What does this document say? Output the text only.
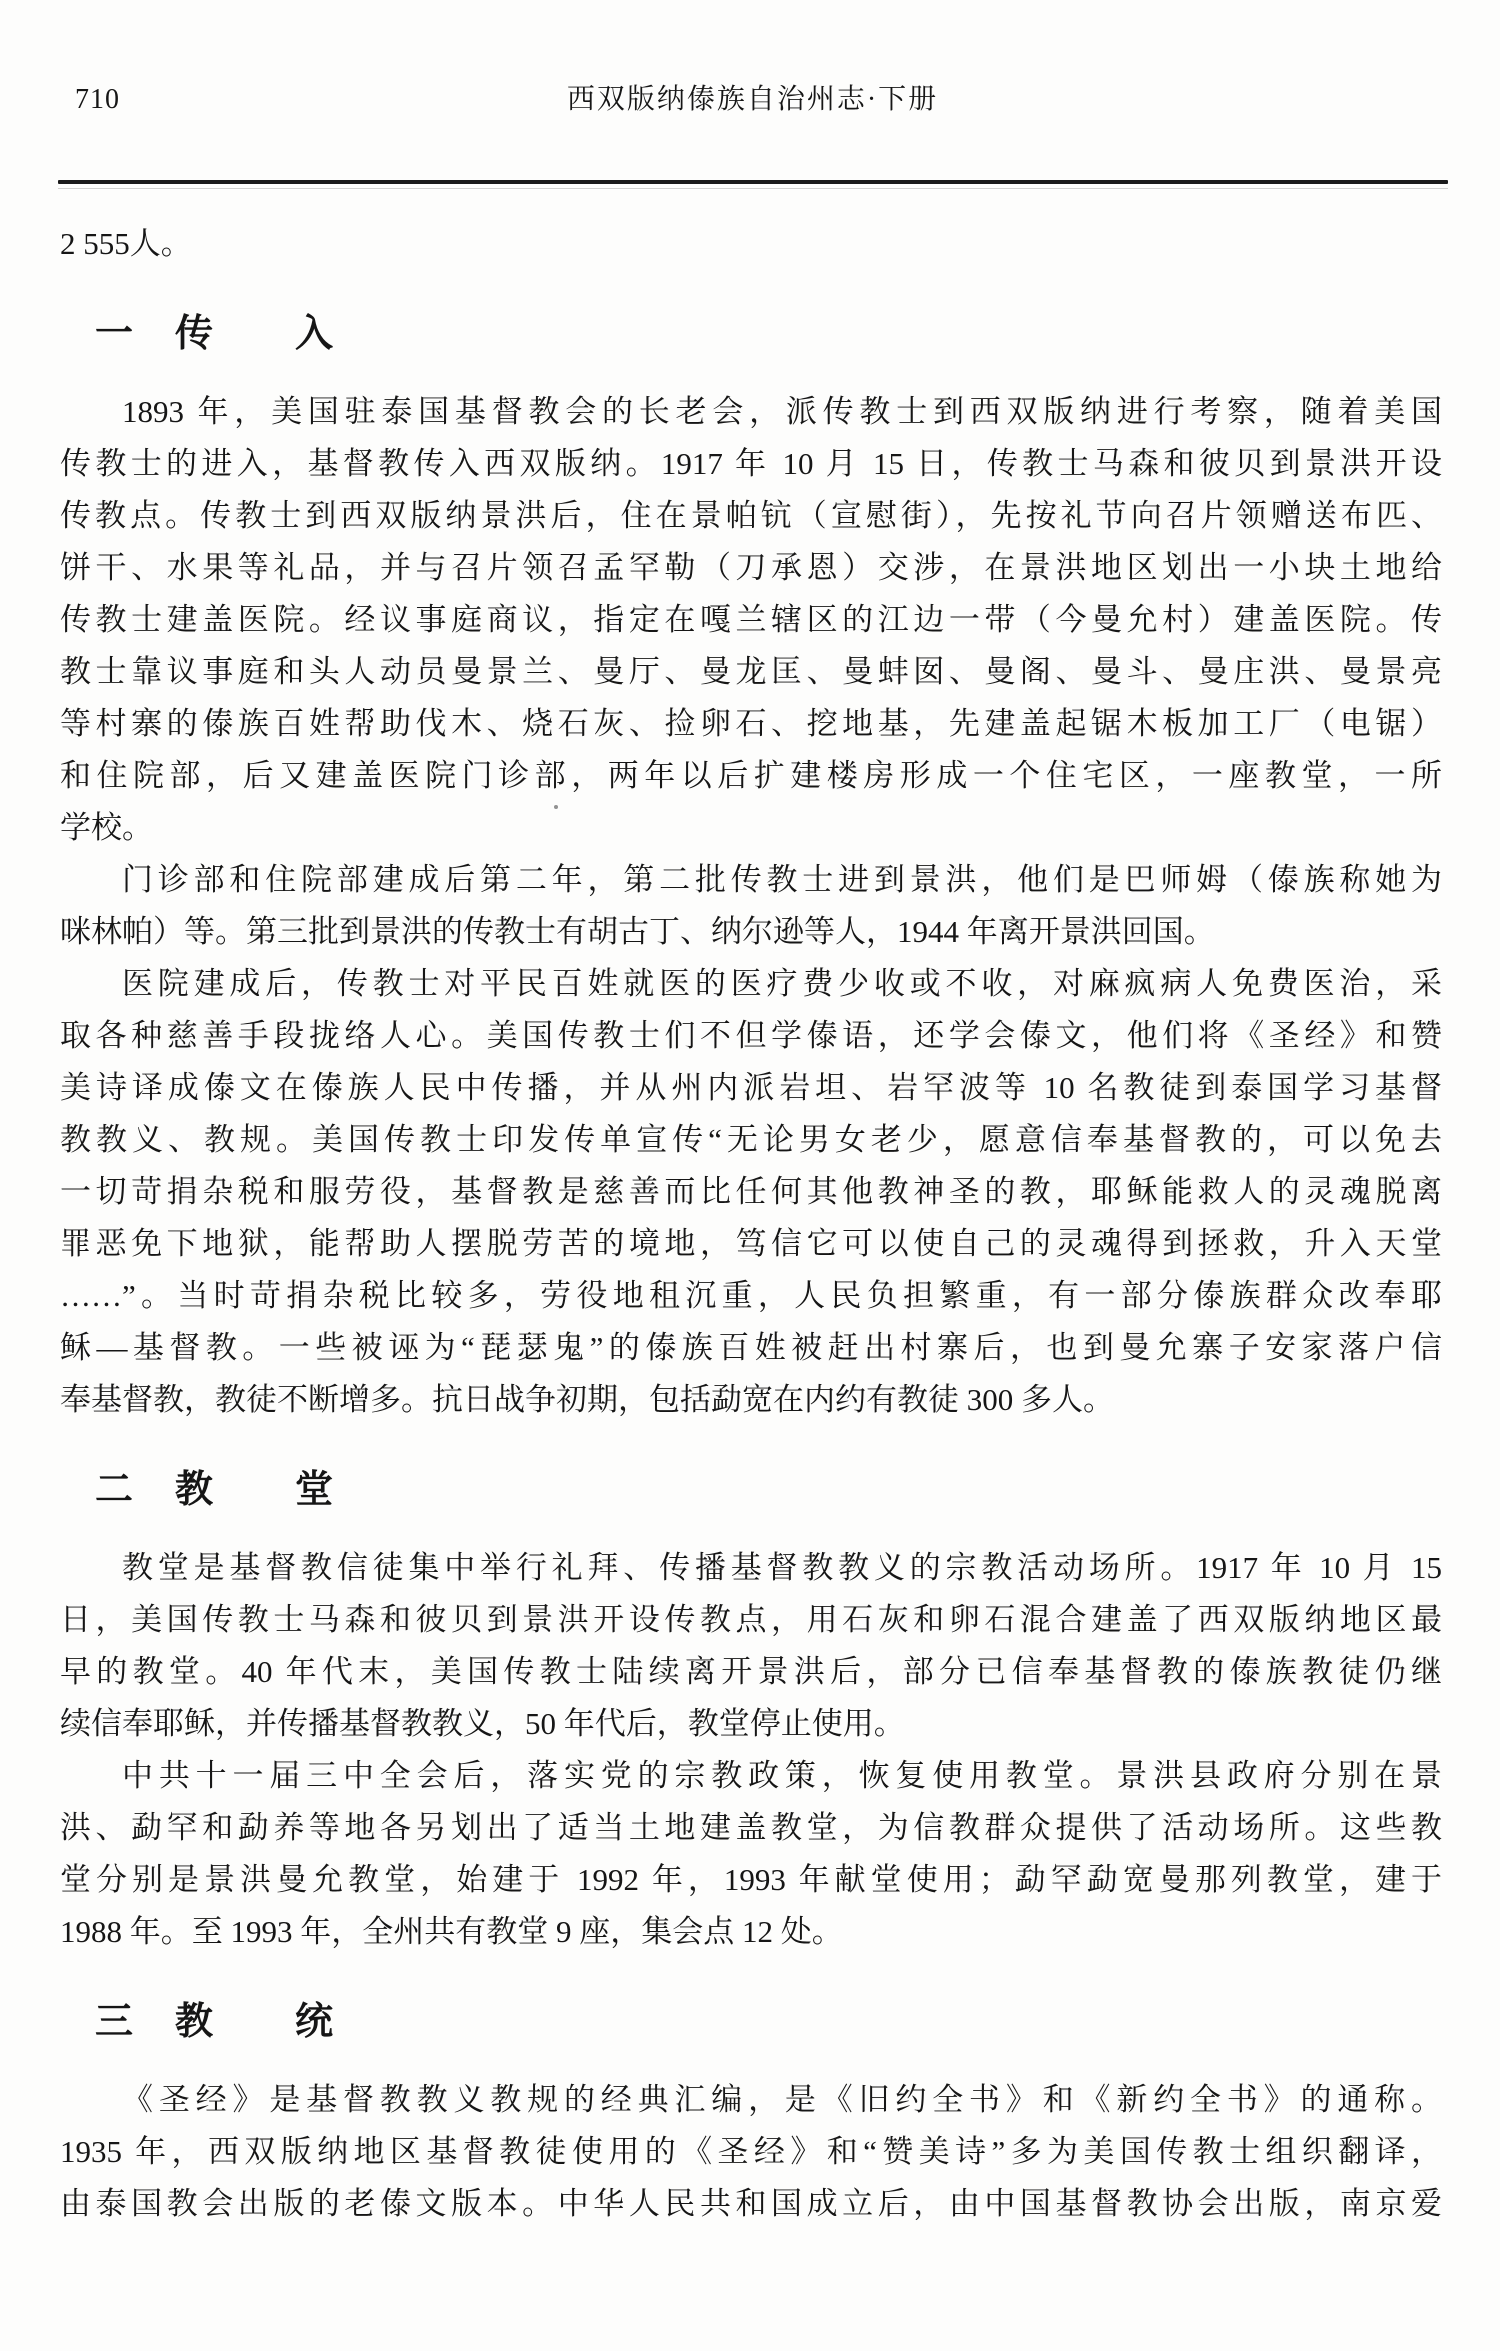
710	西双版纳傣族自治州志·下册
2 555人。
一　传　　入
1893 年，美国驻泰国基督教会的长老会，派传教士到西双版纳进行考察，随着美国
传教士的进入，基督教传入西双版纳。1917 年 10 月 15 日，传教士马森和彼贝到景洪开设
传教点。传教士到西双版纳景洪后，住在景帕钪（宣慰街），先按礼节向召片领赠送布匹、
饼干、水果等礼品，并与召片领召孟罕勒（刀承恩）交涉，在景洪地区划出一小块土地给
传教士建盖医院。经议事庭商议，指定在嘎兰辖区的江边一带（今曼允村）建盖医院。传
教士靠议事庭和头人动员曼景兰、曼厅、曼龙匡、曼蚌囡、曼阁、曼斗、曼庄洪、曼景亮
等村寨的傣族百姓帮助伐木、烧石灰、捡卵石、挖地基，先建盖起锯木板加工厂（电锯）
和住院部，后又建盖医院门诊部，两年以后扩建楼房形成一个住宅区，一座教堂，一所
学校。
门诊部和住院部建成后第二年，第二批传教士进到景洪，他们是巴师姆（傣族称她为
咪林帕）等。第三批到景洪的传教士有胡古丁、纳尔逊等人，1944 年离开景洪回国。
医院建成后，传教士对平民百姓就医的医疗费少收或不收，对麻疯病人免费医治，采
取各种慈善手段拢络人心。美国传教士们不但学傣语，还学会傣文，他们将《圣经》和赞
美诗译成傣文在傣族人民中传播，并从州内派岩坦、岩罕波等 10 名教徒到泰国学习基督
教教义、教规。美国传教士印发传单宣传“无论男女老少，愿意信奉基督教的，可以免去
一切苛捐杂税和服劳役，基督教是慈善而比任何其他教神圣的教，耶稣能救人的灵魂脱离
罪恶免下地狱，能帮助人摆脱劳苦的境地，笃信它可以使自己的灵魂得到拯救，升入天堂
……”。当时苛捐杂税比较多，劳役地租沉重，人民负担繁重，有一部分傣族群众改奉耶
稣—基督教。一些被诬为“琵瑟鬼”的傣族百姓被赶出村寨后，也到曼允寨子安家落户信
奉基督教，教徒不断增多。抗日战争初期，包括勐宽在内约有教徒 300 多人。
二　教　　堂
教堂是基督教信徒集中举行礼拜、传播基督教教义的宗教活动场所。1917 年 10 月 15
日，美国传教士马森和彼贝到景洪开设传教点，用石灰和卵石混合建盖了西双版纳地区最
早的教堂。40 年代末，美国传教士陆续离开景洪后，部分已信奉基督教的傣族教徒仍继
续信奉耶稣，并传播基督教教义，50 年代后，教堂停止使用。
中共十一届三中全会后，落实党的宗教政策，恢复使用教堂。景洪县政府分别在景
洪、勐罕和勐养等地各另划出了适当土地建盖教堂，为信教群众提供了活动场所。这些教
堂分别是景洪曼允教堂，始建于 1992 年，1993 年献堂使用；勐罕勐宽曼那列教堂，建于
1988 年。至 1993 年，全州共有教堂 9 座，集会点 12 处。
三　教　　统
《圣经》是基督教教义教规的经典汇编，是《旧约全书》和《新约全书》的通称。
1935 年，西双版纳地区基督教徒使用的《圣经》和“赞美诗”多为美国传教士组织翻译，
由泰国教会出版的老傣文版本。中华人民共和国成立后，由中国基督教协会出版，南京爱
